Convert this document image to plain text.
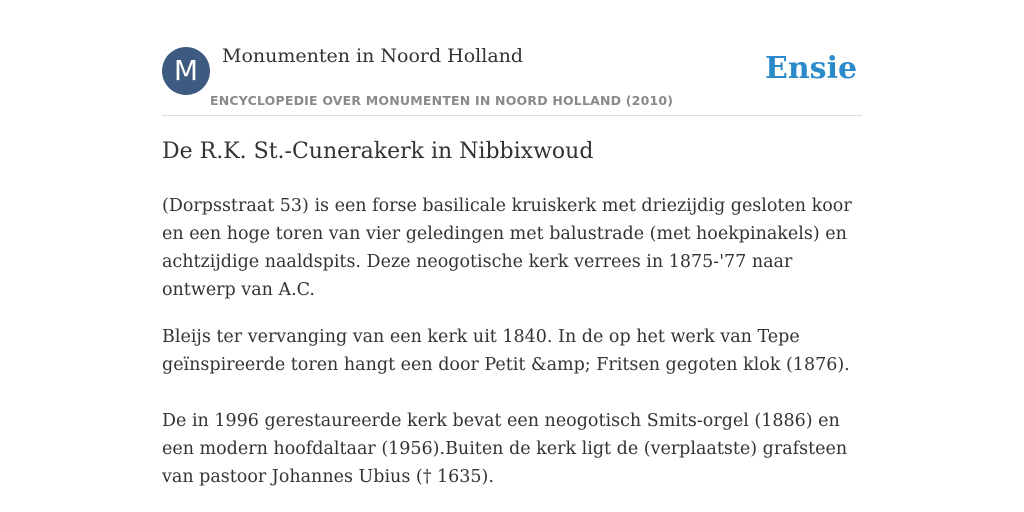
M	Monumenten in Noord Holland
ENCYCLOPEDIE OVER MONUMENTEN IN NOORD HOLLAND (2010)
Ensie
De R.K. St.-Cunerakerk in Nibbixwoud

(Dorpsstraat 53) is een forse basilicale kruiskerk met driezijdig gesloten koor en een hoge toren van vier geledingen met balustrade (met hoekpinakels) en achtzijdige naaldspits. Deze neogotische kerk verrees in 1875-'77 naar ontwerp van A.C.

Bleijs ter vervanging van een kerk uit 1840. In de op het werk van Tepe geïnspireerde toren hangt een door Petit &amp; Fritsen gegoten klok (1876).

De in 1996 gerestaureerde kerk bevat een neogotisch Smits-orgel (1886) en een modern hoofdaltaar (1956).Buiten de kerk ligt de (verplaatste) grafsteen van pastoor Johannes Ubius († 1635).
